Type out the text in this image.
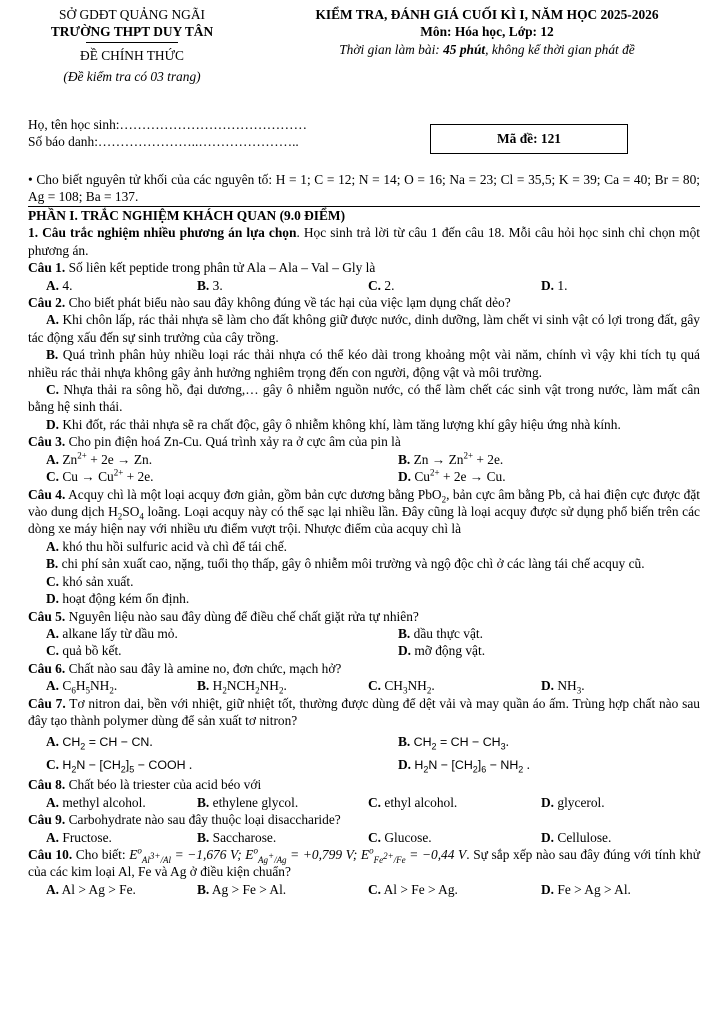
SỞ GDĐT QUẢNG NGÃI
TRƯỜNG THPT DUY TÂN
ĐỀ CHÍNH THỨC
(Đề kiểm tra có 03 trang)
KIỂM TRA, ĐÁNH GIÁ CUỐI KÌ I, NĂM HỌC 2025-2026
Môn: Hóa học, Lớp: 12
Thời gian làm bài: 45 phút, không kể thời gian phát đề
Họ, tên học sinh:……………………………………
Số báo danh:…………………..…………………..	Mã đề: 121
• Cho biết nguyên tử khối của các nguyên tố: H = 1; C = 12; N = 14; O = 16; Na = 23; Cl = 35,5; K = 39; Ca = 40; Br = 80; Ag = 108; Ba = 137.
PHẦN I. TRẮC NGHIỆM KHÁCH QUAN (9.0 ĐIỂM)
1. Câu trắc nghiệm nhiều phương án lựa chọn. Học sinh trả lời từ câu 1 đến câu 18. Mỗi câu hỏi học sinh chỉ chọn một phương án.
Câu 1. Số liên kết peptide trong phân tử Ala – Ala – Val – Gly là
A. 4.	B. 3.	C. 2.	D. 1.
Câu 2. Cho biết phát biểu nào sau đây không đúng về tác hại của việc lạm dụng chất dẻo?
A. Khi chôn lấp, rác thải nhựa sẽ làm cho đất không giữ được nước, dinh dưỡng, làm chết vi sinh vật có lợi trong đất, gây tác động xấu đến sự sinh trưởng của cây trồng.
B. Quá trình phân hủy nhiều loại rác thải nhựa có thể kéo dài trong khoảng một vài năm, chính vì vậy khi tích tụ quá nhiều rác thải nhựa không gây ảnh hưởng nghiêm trọng đến con người, động vật và môi trường.
C. Nhựa thải ra sông hồ, đại dương,… gây ô nhiễm nguồn nước, có thể làm chết các sinh vật trong nước, làm mất cân bằng hệ sinh thái.
D. Khi đốt, rác thải nhựa sẽ ra chất độc, gây ô nhiễm không khí, làm tăng lượng khí gây hiệu ứng nhà kính.
Câu 3. Cho pin điện hoá Zn-Cu. Quá trình xảy ra ở cực âm của pin là
A. $Zn^{2+} + 2e \to Zn$.	B. $Zn \to Zn^{2+} + 2e$.
C. $Cu \to Cu^{2+} + 2e$.	D. $Cu^{2+} + 2e \to Cu$.
Câu 4. Acquy chì là một loại acquy đơn giản, gồm bản cực dương bằng PbO$_2$, bản cực âm bằng Pb, cả hai điện cực được đặt vào dung dịch $H_2SO_4$ loãng. Loại acquy này có thể sạc lại nhiều lần. Đây cũng là loại acquy được sử dụng phổ biến trên các dòng xe máy hiện nay với nhiều ưu điểm vượt trội. Nhược điểm của acquy chì là
A. khó thu hồi sulfuric acid và chì để tái chế.
B. chi phí sản xuất cao, nặng, tuổi thọ thấp, gây ô nhiễm môi trường và ngộ độc chì ở các làng tái chế acquy cũ.
C. khó sản xuất.
D. hoạt động kém ổn định.
Câu 5. Nguyên liệu nào sau đây dùng để điều chế chất giặt rửa tự nhiên?
A. alkane lấy từ dầu mỏ.	B. dầu thực vật.
C. quả bồ kết.	D. mỡ động vật.
Câu 6. Chất nào sau đây là amine no, đơn chức, mạch hở?
A. $C_6H_5NH_2$.	B. $H_2NCH_2NH_2$.	C. $CH_3NH_2$.	D. $NH_3$.
Câu 7. Tơ nitron dai, bền với nhiệt, giữ nhiệt tốt, thường được dùng để dệt vải và may quần áo ấm. Trùng hợp chất nào sau đây tạo thành polymer dùng để sản xuất tơ nitron?
A. $CH_2$ = CH − CN.	B. $CH_2$ = CH − $CH_3$.
C. $H_2N - [CH_2]_5$ − COOH .	D. $H_2N - [CH_2]_6 - NH_2$ .
Câu 8. Chất béo là triester của acid béo với
A. methyl alcohol.	B. ethylene glycol.	C. ethyl alcohol.	D. glycerol.
Câu 9. Carbohydrate nào sau đây thuộc loại disaccharide?
A. Fructose.	B. Saccharose.	C. Glucose.	D. Cellulose.
Câu 10. Cho biết: $E^o_{Al^{3+}/Al} = -1,676$ V; $E^o_{Ag^+/Ag} = +0,799$ V; $E^o_{Fe^{2+}/Fe} = -0,44$ V. Sự sắp xếp nào sau đây đúng với tính khử của các kim loại Al, Fe và Ag ở điều kiện chuẩn?
A. Al > Ag > Fe.	B. Ag > Fe > Al.	C. Al > Fe > Ag.	D. Fe > Ag > Al.
